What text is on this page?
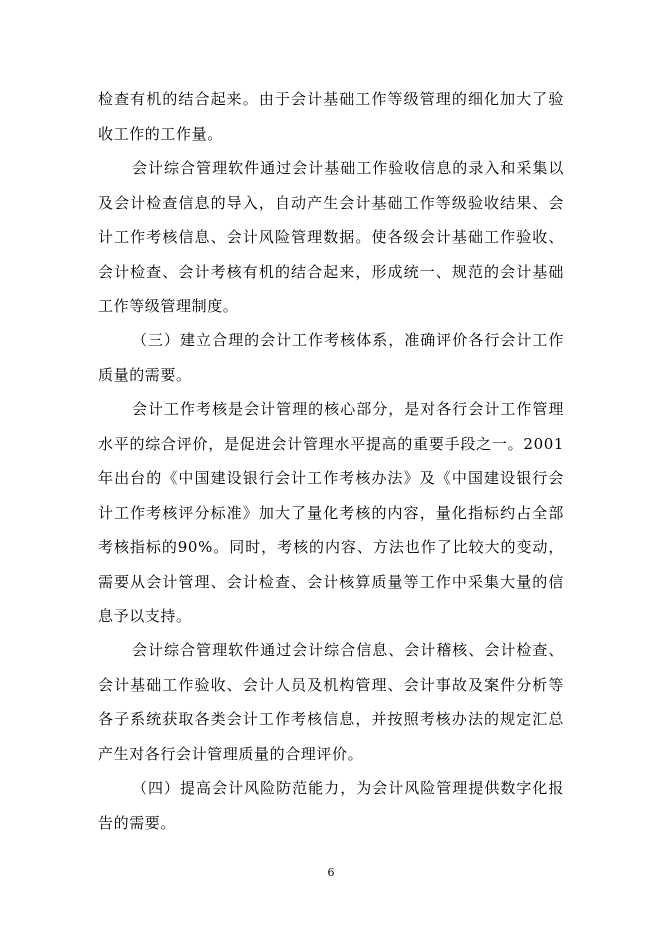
检查有机的结合起来。由于会计基础工作等级管理的细化加大了验收工作的工作量。

会计综合管理软件通过会计基础工作验收信息的录入和采集以及会计检查信息的导入，自动产生会计基础工作等级验收结果、会计工作考核信息、会计风险管理数据。使各级会计基础工作验收、会计检查、会计考核有机的结合起来，形成统一、规范的会计基础工作等级管理制度。

（三）建立合理的会计工作考核体系，准确评价各行会计工作质量的需要。

会计工作考核是会计管理的核心部分，是对各行会计工作管理水平的综合评价，是促进会计管理水平提高的重要手段之一。2001年出台的《中国建设银行会计工作考核办法》及《中国建设银行会计工作考核评分标准》加大了量化考核的内容，量化指标约占全部考核指标的90%。同时，考核的内容、方法也作了比较大的变动，需要从会计管理、会计检查、会计核算质量等工作中采集大量的信息予以支持。

会计综合管理软件通过会计综合信息、会计稽核、会计检查、会计基础工作验收、会计人员及机构管理、会计事故及案件分析等各子系统获取各类会计工作考核信息，并按照考核办法的规定汇总产生对各行会计管理质量的合理评价。

（四）提高会计风险防范能力，为会计风险管理提供数字化报告的需要。

6
